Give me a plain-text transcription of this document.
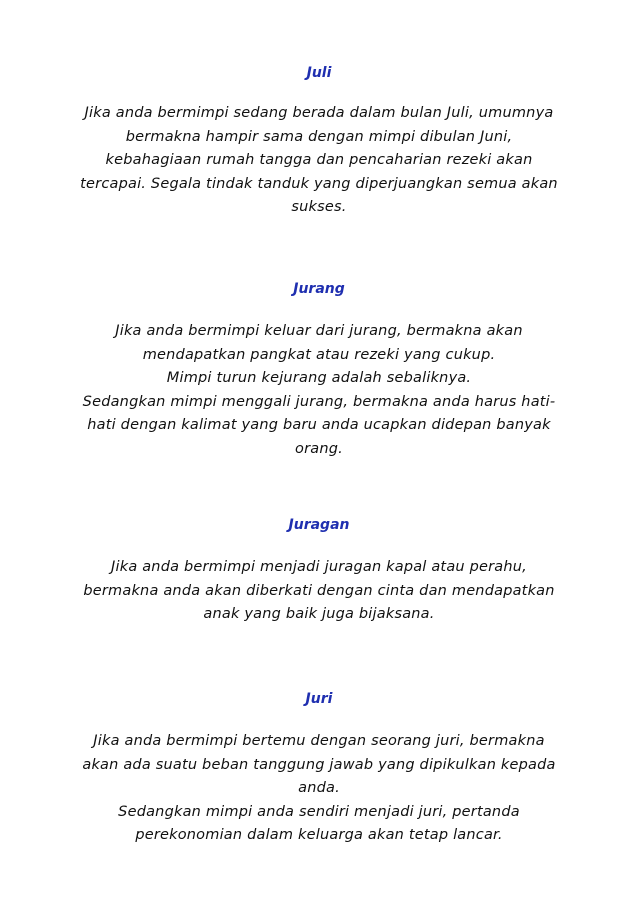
Juli

Jika anda bermimpi sedang berada dalam bulan Juli, umumnya
bermakna hampir sama dengan mimpi dibulan Juni,
kebahagiaan rumah tangga dan pencaharian rezeki akan
tercapai. Segala tindak tanduk yang diperjuangkan semua akan
sukses.

Jurang

Jika anda bermimpi keluar dari jurang, bermakna akan
mendapatkan pangkat atau rezeki yang cukup.
Mimpi turun kejurang adalah sebaliknya.
Sedangkan mimpi menggali jurang, bermakna anda harus hati-
hati dengan kalimat yang baru anda ucapkan didepan banyak
orang.

Juragan

Jika anda bermimpi menjadi juragan kapal atau perahu,
bermakna anda akan diberkati dengan cinta dan mendapatkan
anak yang baik juga bijaksana.

Juri

Jika anda bermimpi bertemu dengan seorang juri, bermakna
akan ada suatu beban tanggung jawab yang dipikulkan kepada
anda.
Sedangkan mimpi anda sendiri menjadi juri, pertanda
perekonomian dalam keluarga akan tetap lancar.
